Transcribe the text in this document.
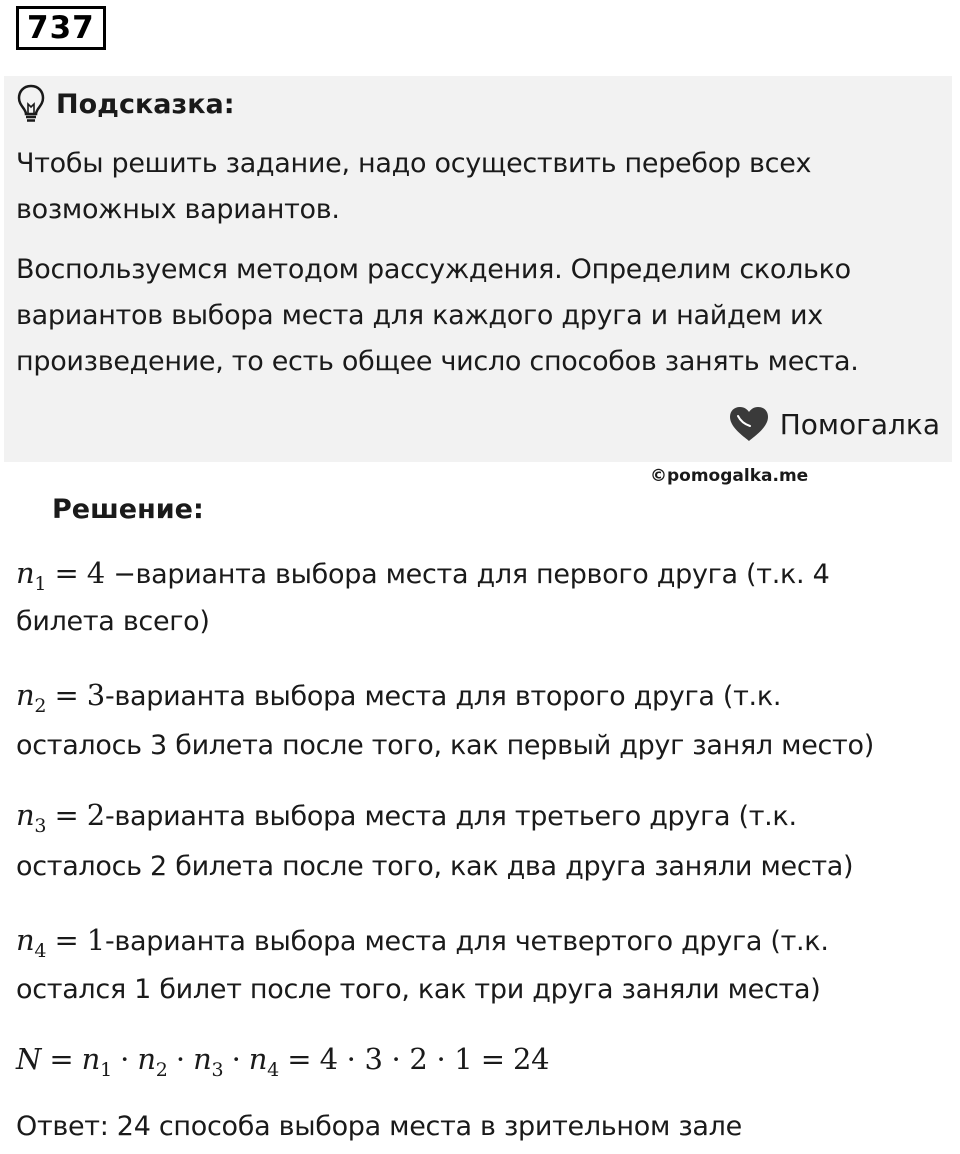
737
Подсказка:
Чтобы решить задание, надо осуществить перебор всех
возможных вариантов.
Воспользуемся методом рассуждения. Определим сколько
вариантов выбора места для каждого друга и найдем их
произведение, то есть общее число способов занять места.
Помогалка
©pomogalka.me
Решение:
$n_1 = 4$ −варианта выбора места для первого друга (т.к. 4
билета всего)
$n_2$ = 3-варианта выбора места для второго друга (т.к.
осталось 3 билета после того, как первый друг занял место)
$n_3$ = 2-варианта выбора места для третьего друга (т.к.
осталось 2 билета после того, как два друга заняли места)
$n_4$ = 1-варианта выбора места для четвертого друга (т.к.
остался 1 билет после того, как три друга заняли места)
$N = n_1 \cdot n_2 \cdot n_3 \cdot n_4 = 4 \cdot 3 \cdot 2 \cdot 1 = 24$
Ответ: 24 способа выбора места в зрительном зале
